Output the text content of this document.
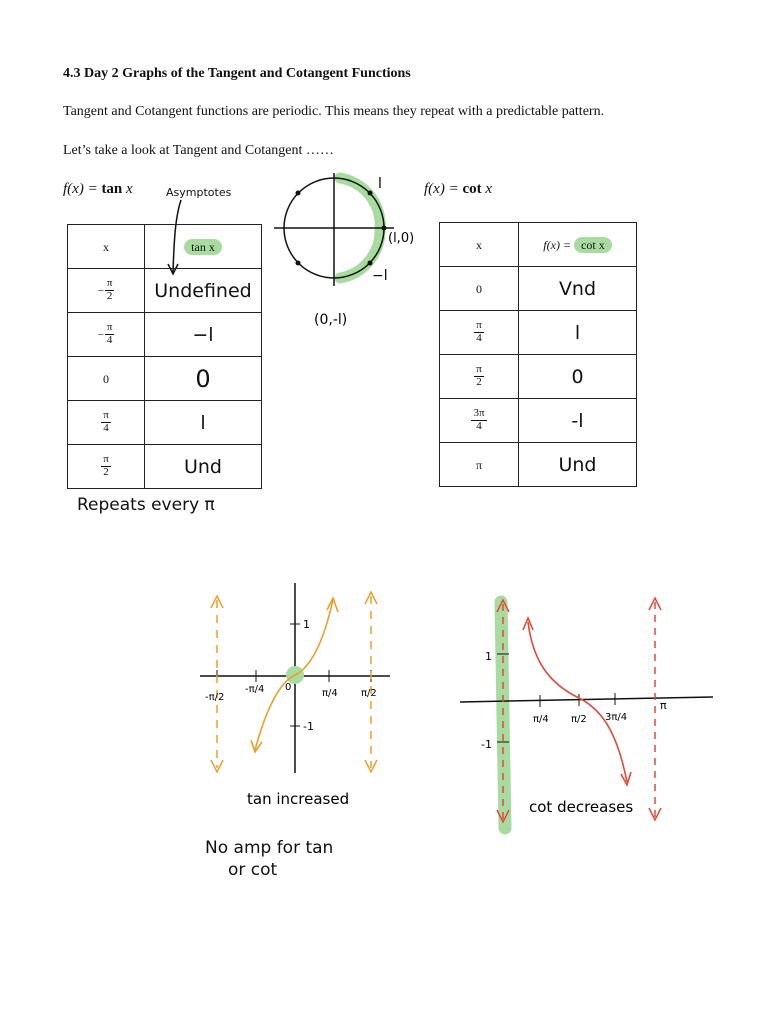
4.3 Day 2 Graphs of the Tangent and Cotangent Functions
Tangent and Cotangent functions are periodic. This means they repeat with a predictable pattern.
Let’s take a look at Tangent and Cotangent ……
f(x) = tan x	Asymptotes
x	tan x
− $\frac{\pi}{2}$	Undefined
− $\frac{\pi}{4}$	−l
0	0

$\frac{\pi}{4}$	l

$\frac{\pi}{2}$	Und
Repeats every π
l
(l,0)
−l
(0,-l)
f(x) = cot x
x	f(x) = cot x
0	Vnd

$\frac{\pi}{4}$	l

$\frac{\pi}{2}$	0

$\frac{3\pi}{4}$	-l
π	Und
-π/2
-π/4 0
π/4 π/2
1
-1
tan increased
π/4 π/2 3π/4
π
1
-1
cot decreases
No amp for tan
or cot
